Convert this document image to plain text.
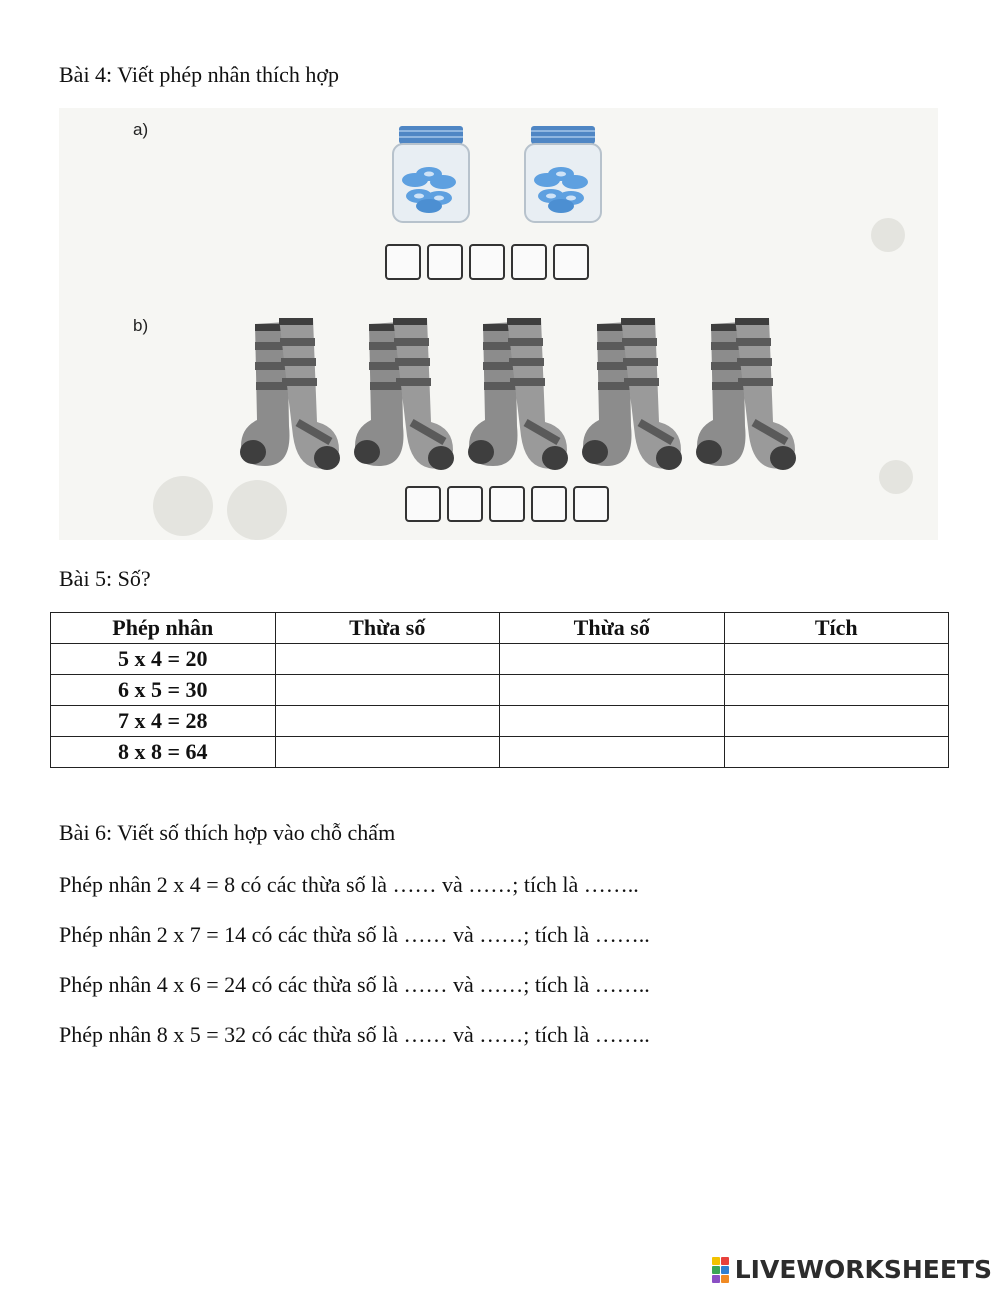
Bài 4: Viết phép nhân thích hợp
a)
b)
Bài 5: Số?
Phép nhân	Thừa số	Thừa số	Tích
5 x 4 = 20			
6 x 5 = 30			
7 x 4 = 28			
8 x 8 = 64			
Bài 6: Viết số thích hợp vào chỗ chấm

Phép nhân 2 x 4 = 8 có các thừa số là …… và ……; tích là ……..

Phép nhân 2 x 7 = 14 có các thừa số là …… và ……; tích là ……..

Phép nhân 4 x 6 = 24 có các thừa số là …… và ……; tích là ……..

Phép nhân 8 x 5 = 32 có các thừa số là …… và ……; tích là ……..

LIVEWORKSHEETS
